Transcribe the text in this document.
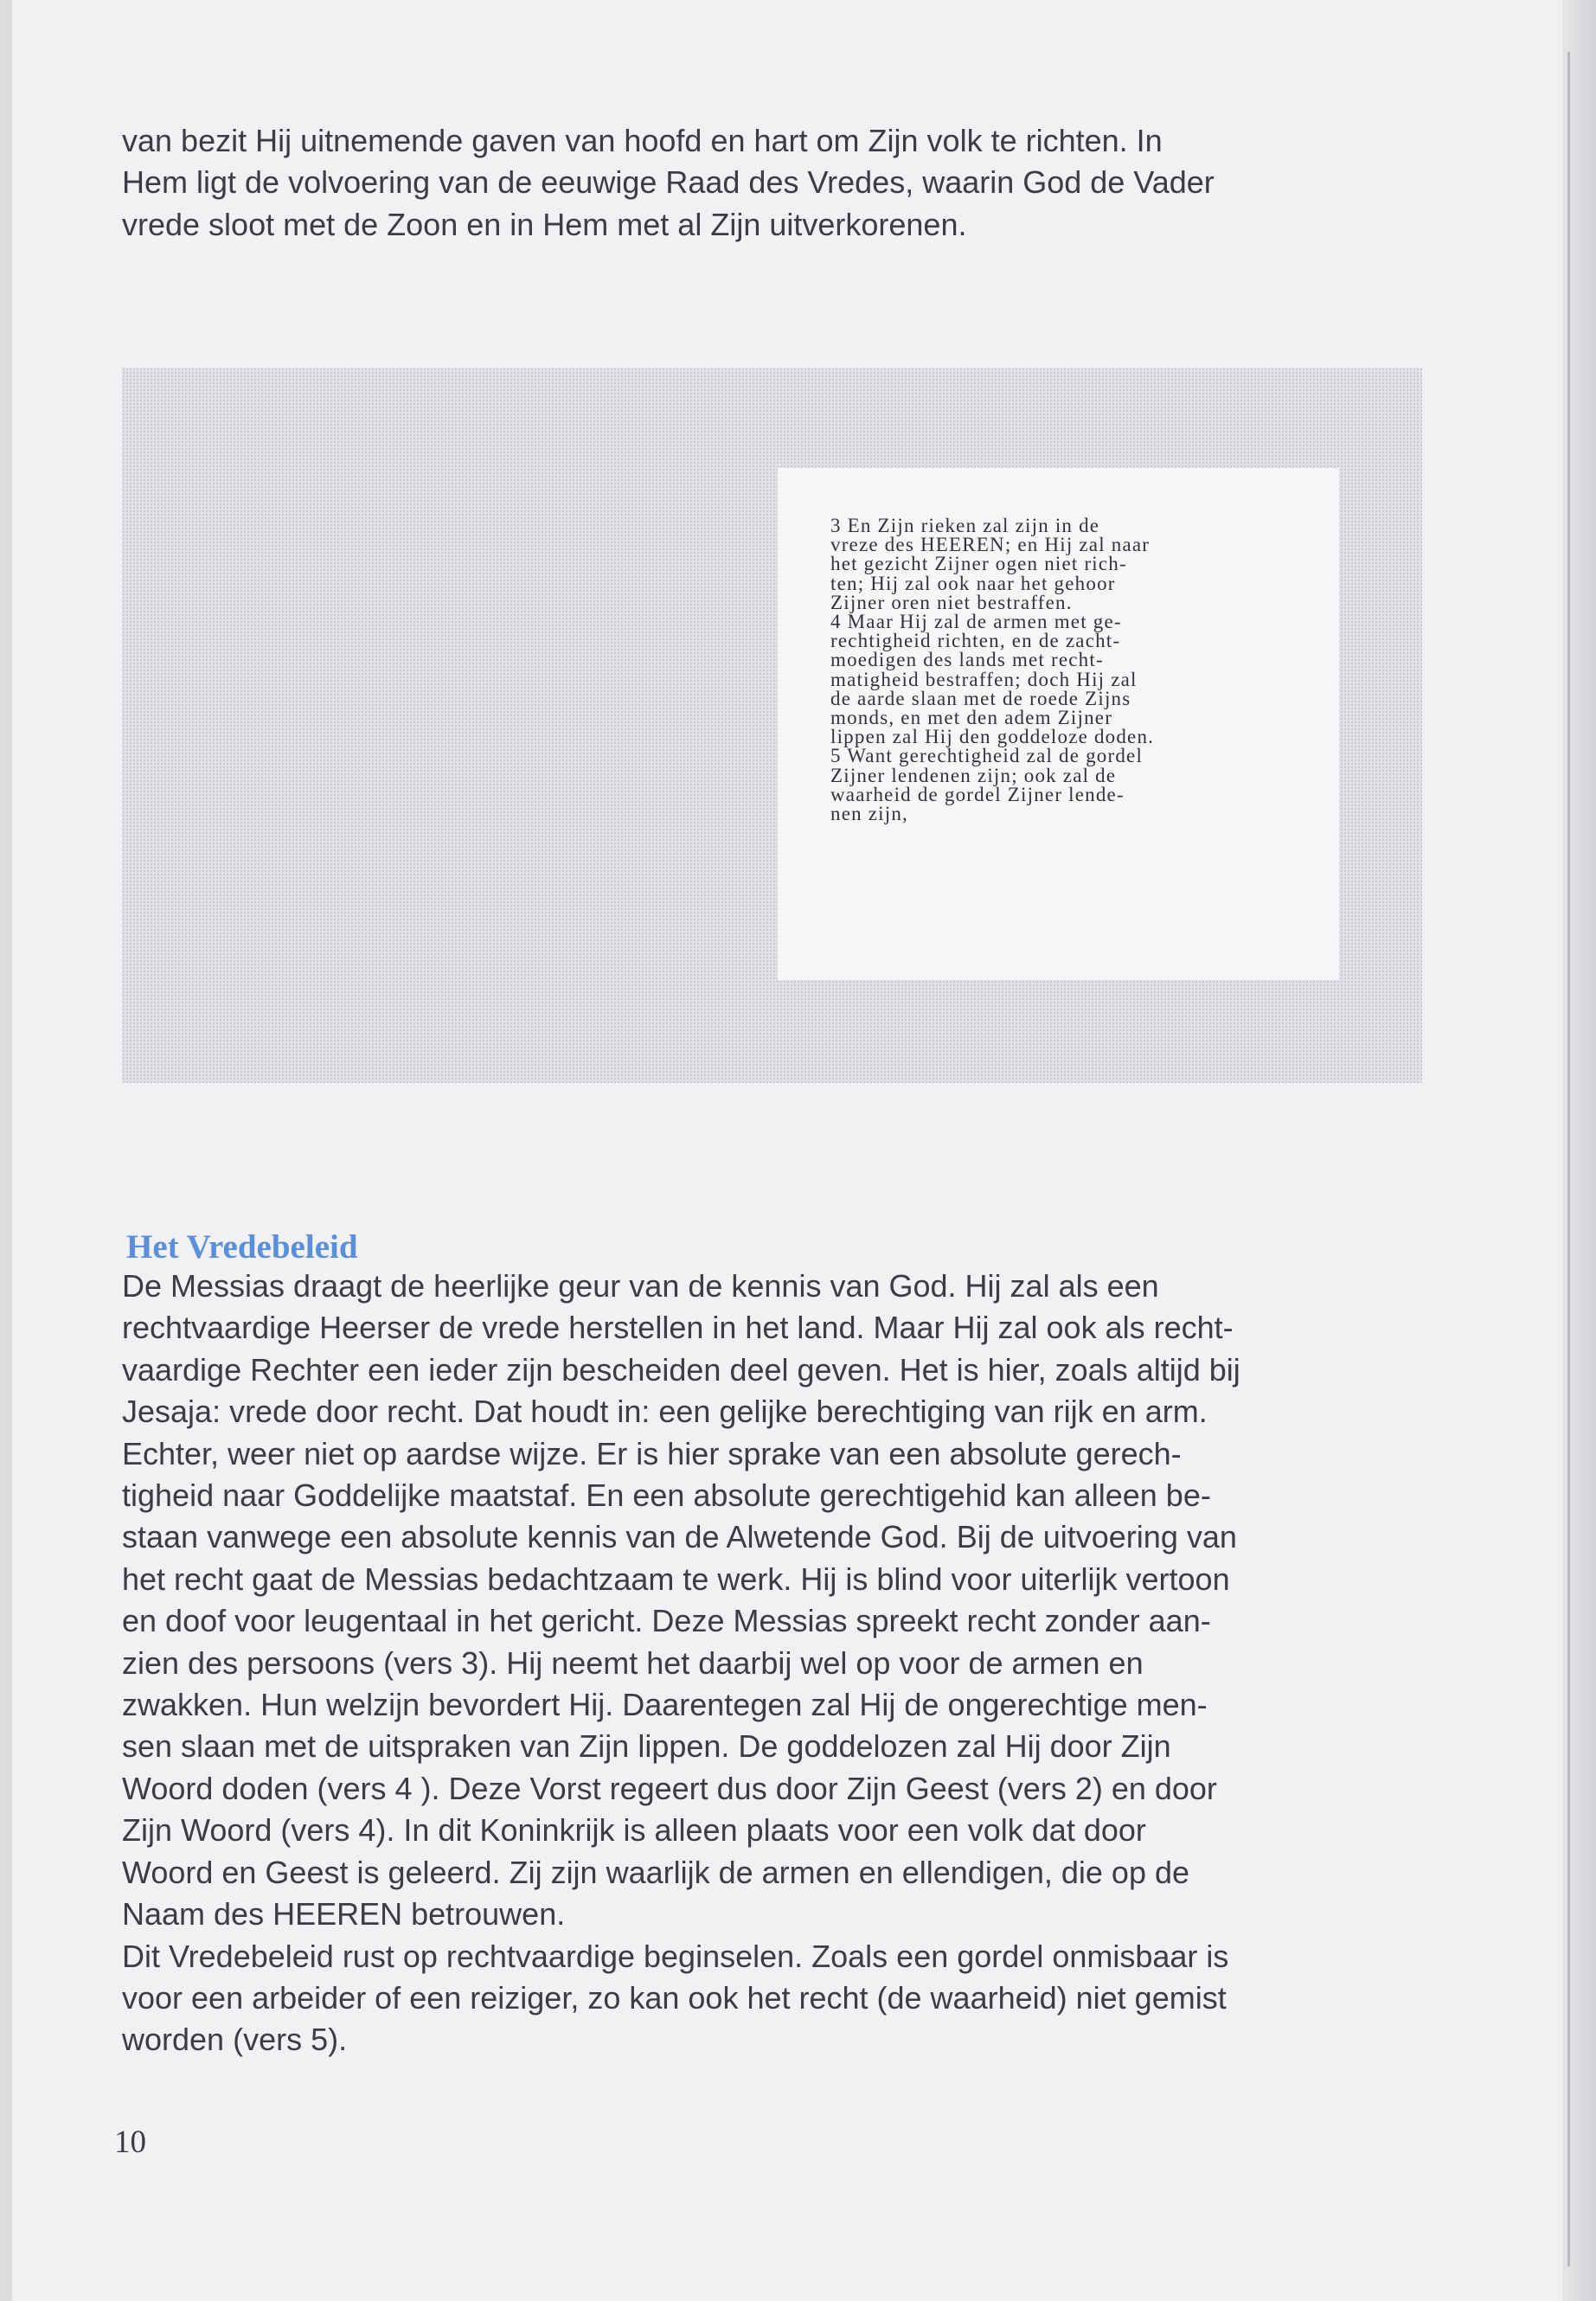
van bezit Hij uitnemende gaven van hoofd en hart om Zijn volk te richten. In
Hem ligt de volvoering van de eeuwige Raad des Vredes, waarin God de Vader
vrede sloot met de Zoon en in Hem met al Zijn uitverkorenen.
3 En Zijn rieken zal zijn in de
vreze des HEEREN; en Hij zal naar
het gezicht Zijner ogen niet rich-
ten; Hij zal ook naar het gehoor
Zijner oren niet bestraffen.
4 Maar Hij zal de armen met ge-
rechtigheid richten, en de zacht-
moedigen des lands met recht-
matigheid bestraffen; doch Hij zal
de aarde slaan met de roede Zijns
monds, en met den adem Zijner
lippen zal Hij den goddeloze doden.
5 Want gerechtigheid zal de gordel
Zijner lendenen zijn; ook zal de
waarheid de gordel Zijner lende-
nen zijn,
Het Vredebeleid
De Messias draagt de heerlijke geur van de kennis van God. Hij zal als een
rechtvaardige Heerser de vrede herstellen in het land. Maar Hij zal ook als recht-
vaardige Rechter een ieder zijn bescheiden deel geven. Het is hier, zoals altijd bij
Jesaja: vrede door recht. Dat houdt in: een gelijke berechtiging van rijk en arm.
Echter, weer niet op aardse wijze. Er is hier sprake van een absolute gerech-
tigheid naar Goddelijke maatstaf. En een absolute gerechtigehid kan alleen be-
staan vanwege een absolute kennis van de Alwetende God. Bij de uitvoering van
het recht gaat de Messias bedachtzaam te werk. Hij is blind voor uiterlijk vertoon
en doof voor leugentaal in het gericht. Deze Messias spreekt recht zonder aan-
zien des persoons (vers 3). Hij neemt het daarbij wel op voor de armen en
zwakken. Hun welzijn bevordert Hij. Daarentegen zal Hij de ongerechtige men-
sen slaan met de uitspraken van Zijn lippen. De goddelozen zal Hij door Zijn
Woord doden (vers 4 ). Deze Vorst regeert dus door Zijn Geest (vers 2) en door
Zijn Woord (vers 4). In dit Koninkrijk is alleen plaats voor een volk dat door
Woord en Geest is geleerd. Zij zijn waarlijk de armen en ellendigen, die op de
Naam des HEEREN betrouwen.
Dit Vredebeleid rust op rechtvaardige beginselen. Zoals een gordel onmisbaar is
voor een arbeider of een reiziger, zo kan ook het recht (de waarheid) niet gemist
worden (vers 5).
10
